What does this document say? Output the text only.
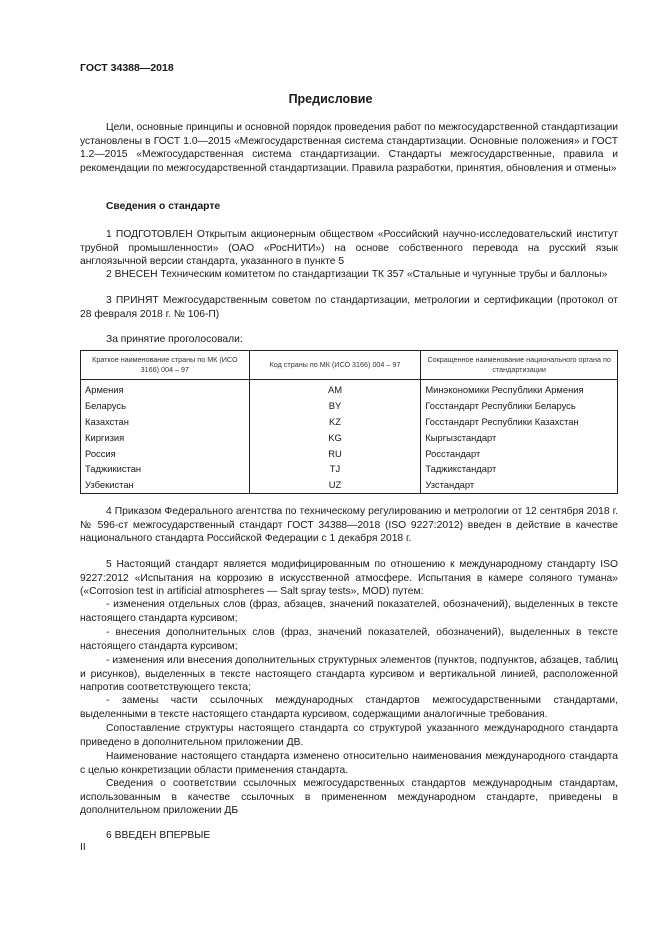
ГОСТ 34388—2018
Предисловие
Цели, основные принципы и основной порядок проведения работ по межгосударственной стандартизации установлены в ГОСТ 1.0—2015 «Межгосударственная система стандартизации. Основные положения» и ГОСТ 1.2—2015 «Межгосударственная система стандартизации. Стандарты межгосударственные, правила и рекомендации по межгосударственной стандартизации. Правила разработки, принятия, обновления и отмены»
Сведения о стандарте
1 ПОДГОТОВЛЕН Открытым акционерным обществом «Российский научно-исследовательский институт трубной промышленности» (ОАО «РосНИТИ») на основе собственного перевода на русский язык англоязычной версии стандарта, указанного в пункте 5
2 ВНЕСЕН Техническим комитетом по стандартизации ТК 357 «Стальные и чугунные трубы и баллоны»
3 ПРИНЯТ Межгосударственным советом по стандартизации, метрологии и сертификации (протокол от 28 февраля 2018 г. № 106-П)
За принятие проголосовали:
Краткое наименование страны по МК (ИСО 3166) 004 – 97	Код страны по МК (ИСО 3166) 004 – 97	Сокращенное наименование национального органа по стандартизации
Армения	AM	Минэкономики Республики Армения
Беларусь	BY	Госстандарт Республики Беларусь
Казахстан	KZ	Госстандарт Республики Казахстан
Киргизия	KG	Кыргызстандарт
Россия	RU	Росстандарт
Таджикистан	TJ	Таджикстандарт
Узбекистан	UZ	Узстандарт
4 Приказом Федерального агентства по техническому регулированию и метрологии от 12 сентября 2018 г. № 596-ст межгосударственный стандарт ГОСТ 34388—2018 (ISO 9227:2012) введен в действие в качестве национального стандарта Российской Федерации с 1 декабря 2018 г.
5 Настоящий стандарт является модифицированным по отношению к международному стандарту ISO 9227:2012 «Испытания на коррозию в искусственной атмосфере. Испытания в камере соляного тумана» («Corrosion test in artificial atmospheres — Salt spray tests», MOD) путем:
- изменения отдельных слов (фраз, абзацев, значений показателей, обозначений), выделенных в тексте настоящего стандарта курсивом;
- внесения дополнительных слов (фраз, значений показателей, обозначений), выделенных в тексте настоящего стандарта курсивом;
- изменения или внесения дополнительных структурных элементов (пунктов, подпунктов, абзацев, таблиц и рисунков), выделенных в тексте настоящего стандарта курсивом и вертикальной линией, расположенной напротив соответствующего текста;
- замены части ссылочных международных стандартов межгосударственными стандартами, выделенными в тексте настоящего стандарта курсивом, содержащими аналогичные требования.
Сопоставление структуры настоящего стандарта со структурой указанного международного стандарта приведено в дополнительном приложении ДВ.
Наименование настоящего стандарта изменено относительно наименования международного стандарта с целью конкретизации области применения стандарта.
Сведения о соответствии ссылочных межгосударственных стандартов международным стандартам, использованным в качестве ссылочных в примененном международном стандарте, приведены в дополнительном приложении ДБ
6 ВВЕДЕН ВПЕРВЫЕ
II
